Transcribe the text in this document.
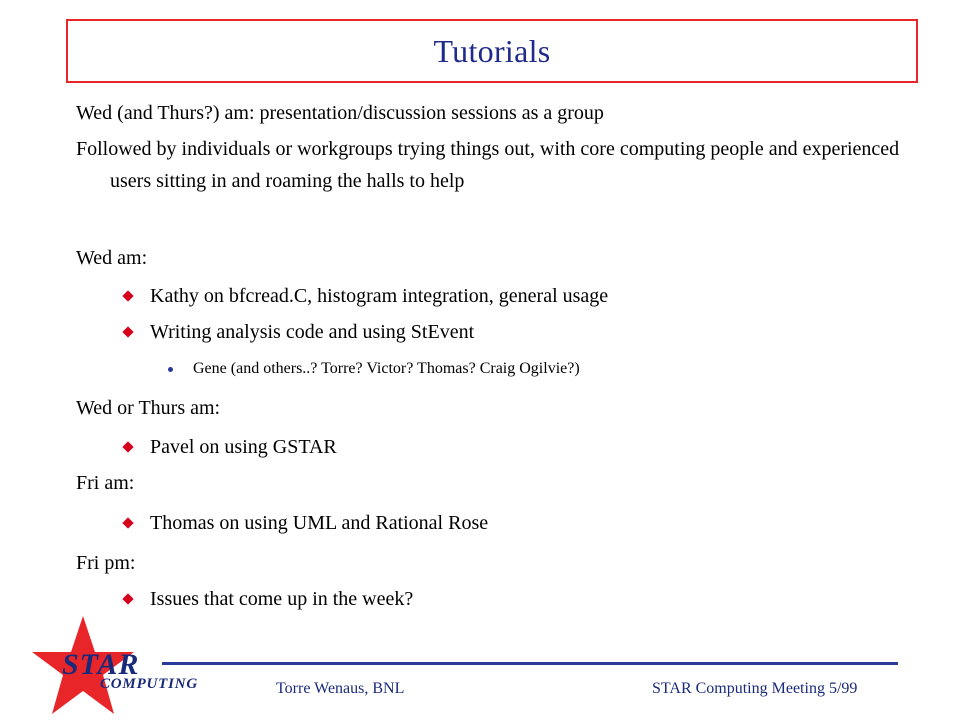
Tutorials
Wed (and Thurs?) am: presentation/discussion sessions as a group
Followed by individuals or workgroups trying things out, with core computing people and experienced users sitting in and roaming the halls to help
Wed am:
Kathy on bfcread.C, histogram integration, general usage
Writing analysis code and using StEvent
Gene (and others..? Torre? Victor? Thomas? Craig Ogilvie?)
Wed or Thurs am:
Pavel on using GSTAR
Fri am:
Thomas on using UML and Rational Rose
Fri pm:
Issues that come up in the week?
STAR
COMPUTING	Torre Wenaus, BNL	STAR Computing Meeting 5/99
